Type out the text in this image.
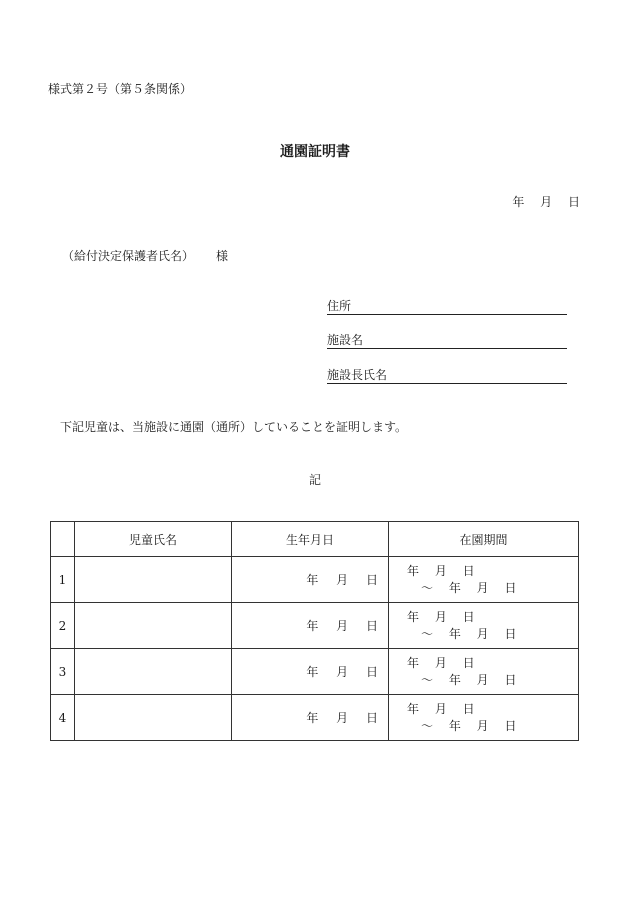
様式第２号（第５条関係）
通園証明書
年 月 日
（給付決定保護者氏名） 様
住所
施設名
施設長氏名
下記児童は、当施設に通園（通所）していることを証明します。
記
	児童氏名	生年月日	在園期間
1		年 月 日	年 月 日
～ 年 月 日

2		年 月 日	年 月 日
～ 年 月 日

3		年 月 日	年 月 日
～ 年 月 日

4		年 月 日	年 月 日
～ 年 月 日
